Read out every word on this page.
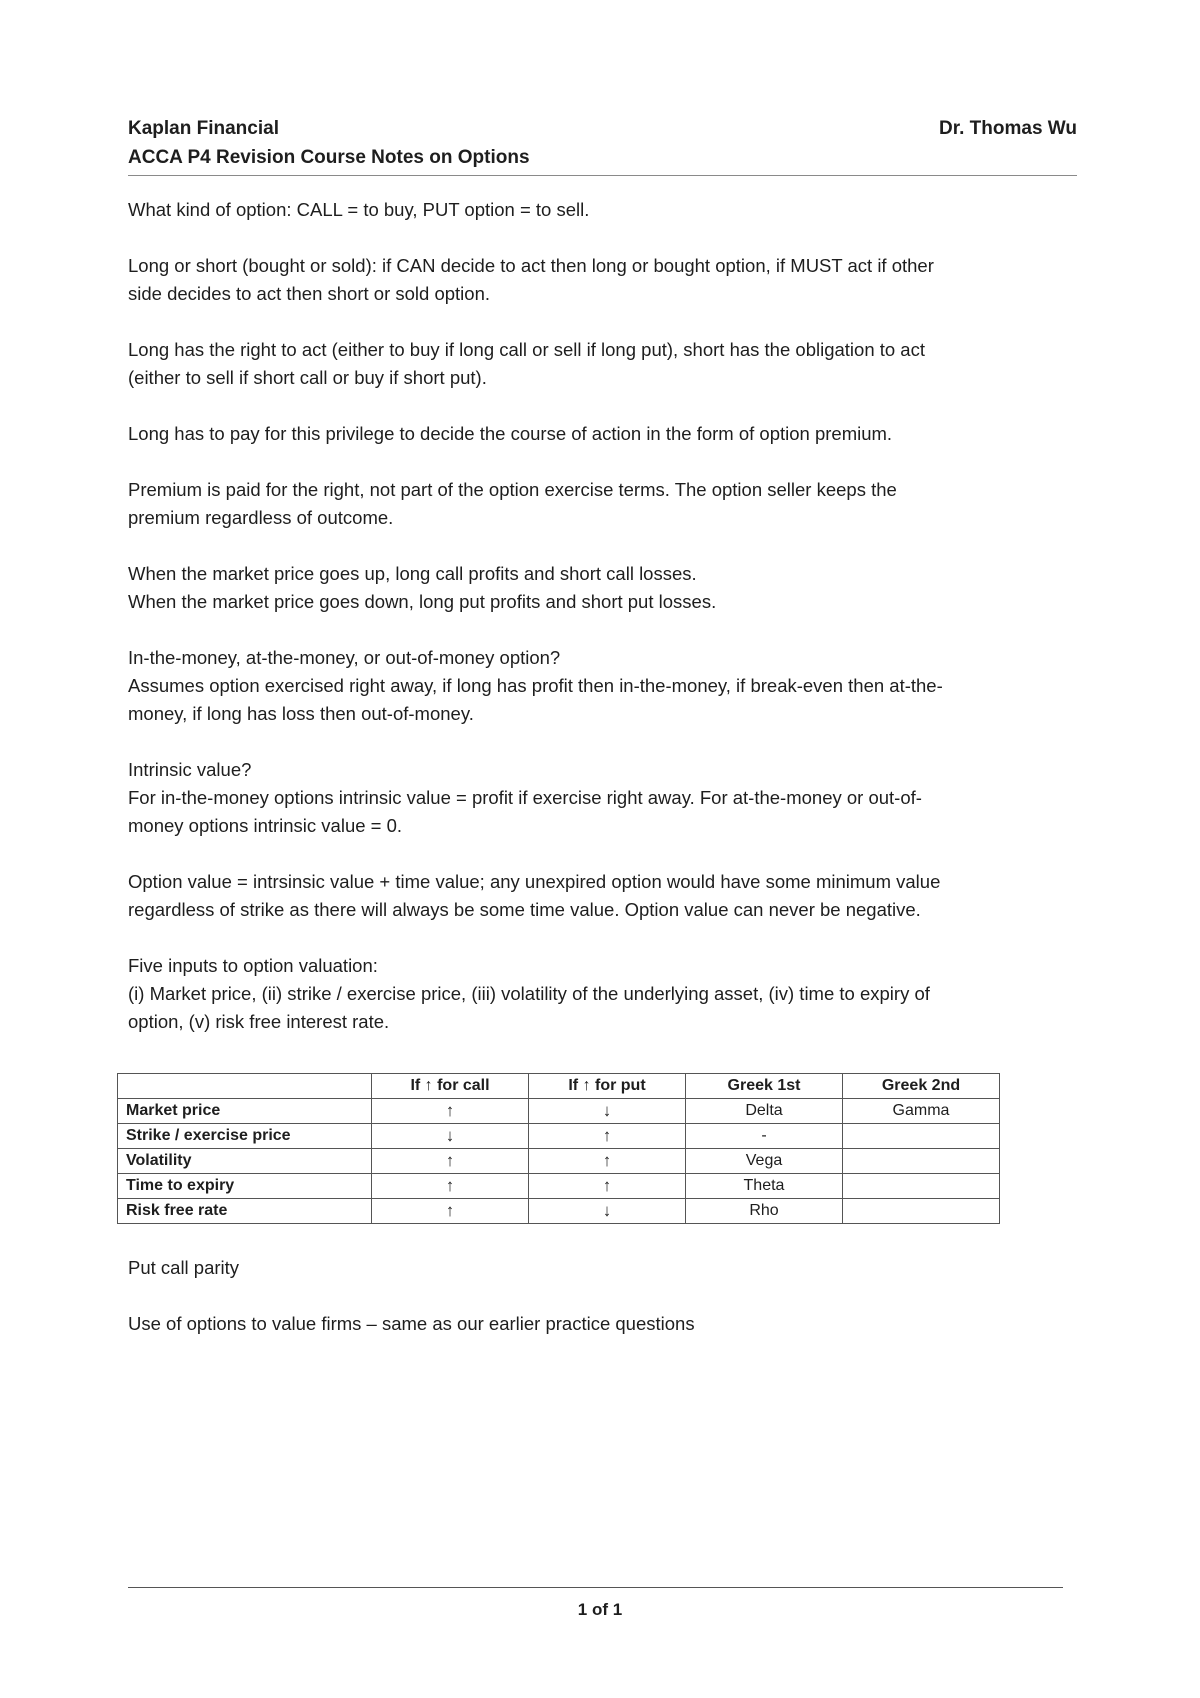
Kaplan Financial
ACCA P4 Revision Course Notes on Options
Dr. Thomas Wu

What kind of option: CALL = to buy, PUT option = to sell.

Long or short (bought or sold): if CAN decide to act then long or bought option, if MUST act if other
side decides to act then short or sold option.

Long has the right to act (either to buy if long call or sell if long put), short has the obligation to act
(either to sell if short call or buy if short put).

Long has to pay for this privilege to decide the course of action in the form of option premium.

Premium is paid for the right, not part of the option exercise terms. The option seller keeps the
premium regardless of outcome.

When the market price goes up, long call profits and short call losses.
When the market price goes down, long put profits and short put losses.

In-the-money, at-the-money, or out-of-money option?
Assumes option exercised right away, if long has profit then in-the-money, if break-even then at-the-
money, if long has loss then out-of-money.

Intrinsic value?
For in-the-money options intrinsic value = profit if exercise right away. For at-the-money or out-of-
money options intrinsic value = 0.

Option value = intrsinsic value + time value; any unexpired option would have some minimum value
regardless of strike as there will always be some time value. Option value can never be negative.

Five inputs to option valuation:
(i) Market price, (ii) strike / exercise price, (iii) volatility of the underlying asset, (iv) time to expiry of
option, (v) risk free interest rate.

	If ↑ for call	If ↑ for put	Greek 1st	Greek 2nd
Market price	↑	↓	Delta	Gamma
Strike / exercise price	↓	↑	-	
Volatility	↑	↑	Vega	
Time to expiry	↑	↑	Theta	
Risk free rate	↑	↓	Rho	

Put call parity

Use of options to value firms – same as our earlier practice questions

1 of 1
